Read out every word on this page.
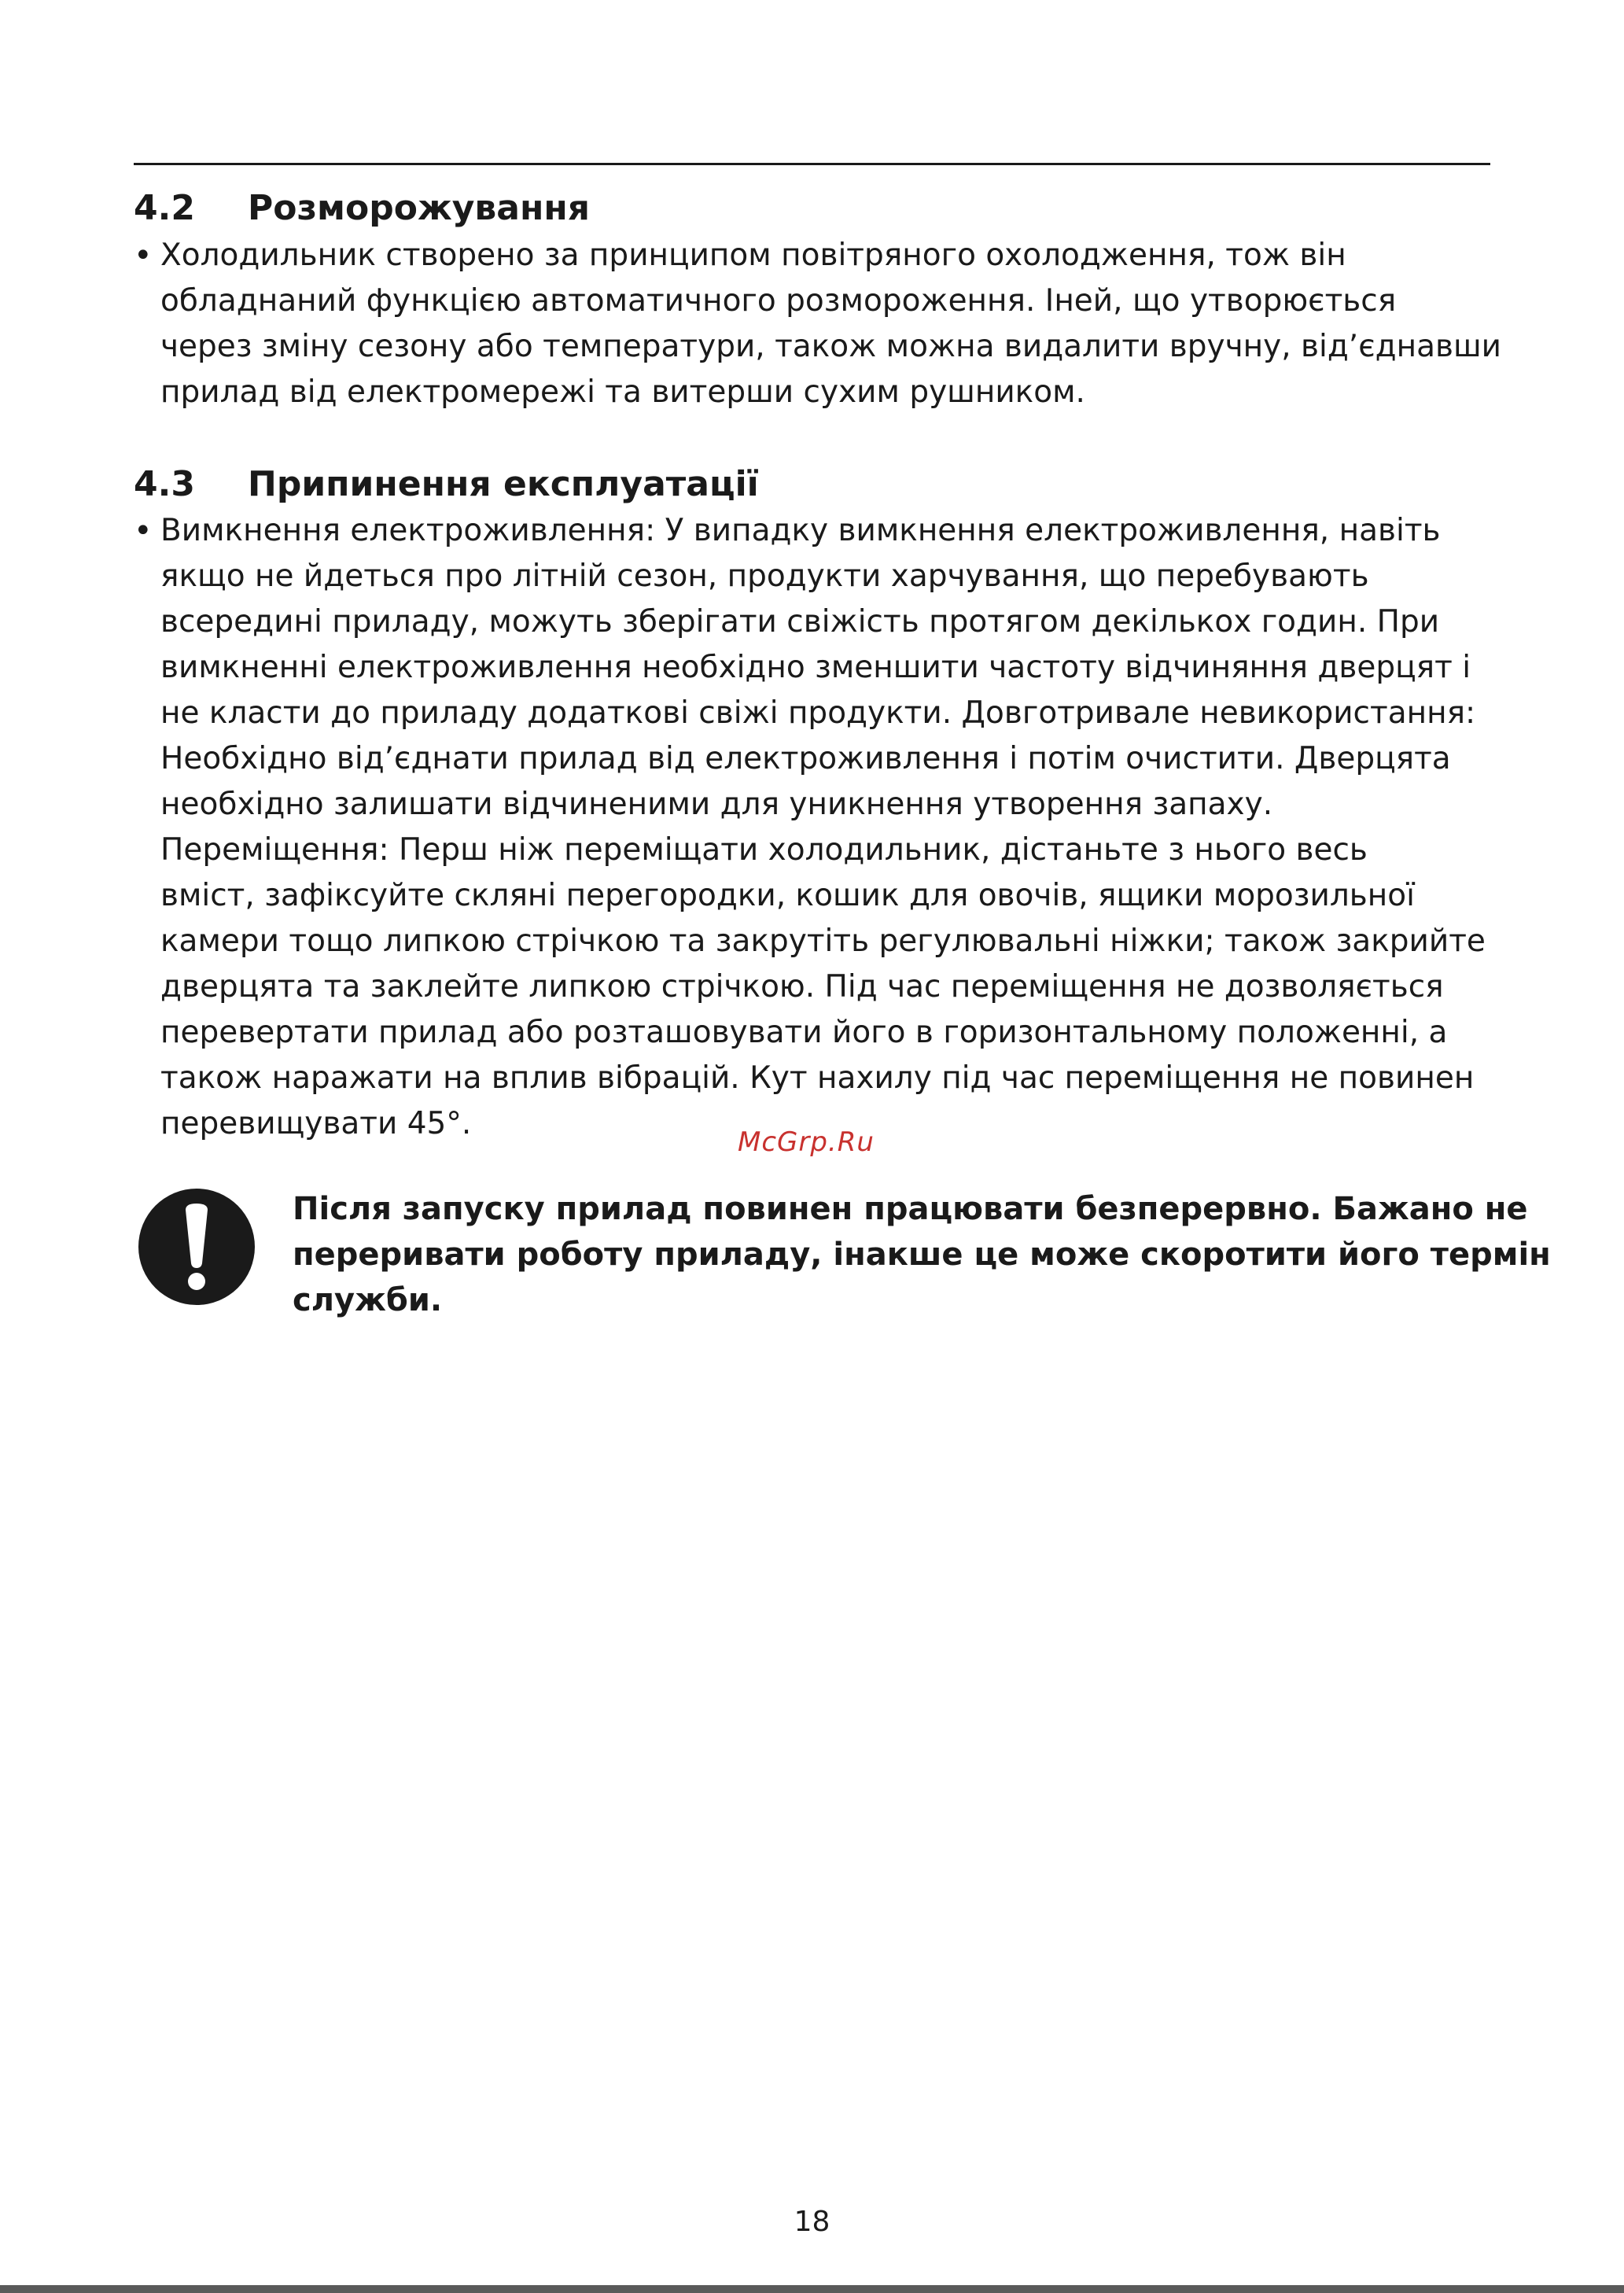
4.2 Розморожування
• Холодильник створено за принципом повітряного охолодження, тож він
обладнаний функцією автоматичного розмороження. Іней, що утворюється
через зміну сезону або температури, також можна видалити вручну, від’єднавши
прилад від електромережі та витерши сухим рушником.
4.3 Припинення експлуатації
• Вимкнення електроживлення: У випадку вимкнення електроживлення, навіть
якщо не йдеться про літній сезон, продукти харчування, що перебувають
всередині приладу, можуть зберігати свіжість протягом декількох годин. При
вимкненні електроживлення необхідно зменшити частоту відчиняння дверцят і
не класти до приладу додаткові свіжі продукти. Довготривале невикористання:
Необхідно від’єднати прилад від електроживлення і потім очистити. Дверцята
необхідно залишати відчиненими для уникнення утворення запаху.
Переміщення: Перш ніж переміщати холодильник, дістаньте з нього весь
вміст, зафіксуйте скляні перегородки, кошик для овочів, ящики морозильної
камери тощо липкою стрічкою та закрутіть регулювальні ніжки; також закрийте
дверцята та заклейте липкою стрічкою. Під час переміщення не дозволяється
перевертати прилад або розташовувати його в горизонтальному положенні, а
також наражати на вплив вібрацій. Кут нахилу під час переміщення не повинен
перевищувати 45°.
McGrp.Ru
Після запуску прилад повинен працювати безперервно. Бажано не
переривати роботу приладу, інакше це може скоротити його термін
служби.
18
